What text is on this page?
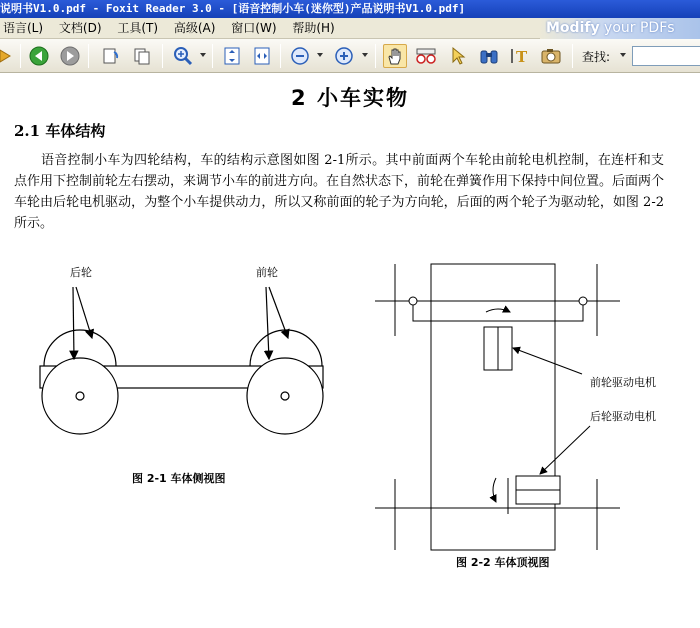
说明书V1.0.pdf - Foxit Reader 3.0 - [语音控制小车(迷你型)产品说明书V1.0.pdf]
语言(L) 文档(D) 工具(T) 高级(A) 窗口(W) 帮助(H)	Modify your PDFs
T	查找:
2 小车实物
2.1 车体结构
语音控制小车为四轮结构，车的结构示意图如图 2-1所示。其中前面两个车轮由前轮电机控制，在连杆和支点作用下控制前轮左右摆动，来调节小车的前进方向。在自然状态下，前轮在弹簧作用下保持中间位置。后面两个车轮由后轮电机驱动，为整个小车提供动力，所以又称前面的轮子为方向轮，后面的两个轮子为驱动轮，如图 2-2所示。
后轮	前轮
图 2-1 车体侧视图
前轮驱动电机
后轮驱动电机
图 2-2 车体顶视图
